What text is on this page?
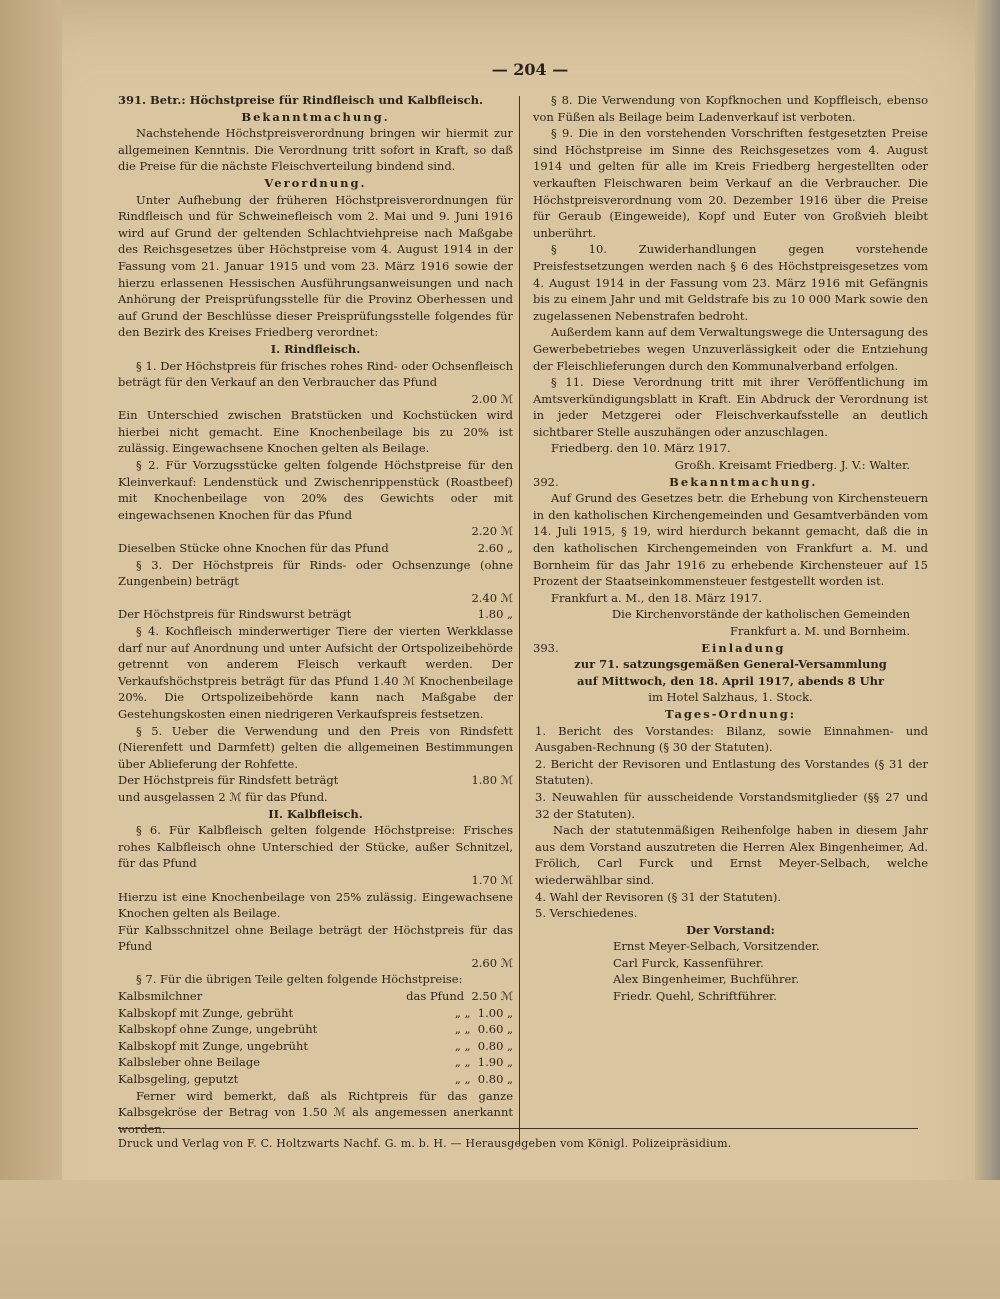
— 204 —

391. Betr.: Höchstpreise für Rindfleisch und Kalbfleisch.

Bekanntmachung.

Nachstehende Höchstpreisverordnung bringen wir hiermit zur allgemeinen Kenntnis. Die Verordnung tritt sofort in Kraft, so daß die Preise für die nächste Fleischverteilung bindend sind.

Verordnung.

Unter Aufhebung der früheren Höchstpreisverordnungen für Rindfleisch und für Schweinefleisch vom 2. Mai und 9. Juni 1916 wird auf Grund der geltenden Schlachtviehpreise nach Maßgabe des Reichsgesetzes über Höchstpreise vom 4. August 1914 in der Fassung vom 21. Januar 1915 und vom 23. März 1916 sowie der hierzu erlassenen Hessischen Ausführungsanweisungen und nach Anhörung der Preisprüfungsstelle für die Provinz Oberhessen und auf Grund der Beschlüsse dieser Preisprüfungsstelle folgendes für den Bezirk des Kreises Friedberg verordnet:

I. Rindfleisch.

§ 1. Der Höchstpreis für frisches rohes Rind- oder Ochsenfleisch beträgt für den Verkauf an den Verbraucher das Pfund

2.00 ℳ

Ein Unterschied zwischen Bratstücken und Kochstücken wird hierbei nicht gemacht. Eine Knochenbeilage bis zu 20% ist zulässig. Eingewachsene Knochen gelten als Beilage.

§ 2. Für Vorzugsstücke gelten folgende Höchstpreise für den Kleinverkauf: Lendenstück und Zwischenrippenstück (Roastbeef) mit Knochenbeilage von 20% des Gewichts oder mit eingewachsenen Knochen für das Pfund

2.20 ℳ

Dieselben Stücke ohne Knochen für das Pfund	2.60 „

§ 3. Der Höchstpreis für Rinds- oder Ochsenzunge (ohne Zungenbein) beträgt

2.40 ℳ

Der Höchstpreis für Rindswurst beträgt	1.80 „

§ 4. Kochfleisch minderwertiger Tiere der vierten Werkklasse darf nur auf Anordnung und unter Aufsicht der Ortspolizeibehörde getrennt von anderem Fleisch verkauft werden. Der Verkaufshöchstpreis beträgt für das Pfund 1.40 ℳ Knochenbeilage 20%. Die Ortspolizeibehörde kann nach Maßgabe der Gestehungskosten einen niedrigeren Verkaufspreis festsetzen.

§ 5. Ueber die Verwendung und den Preis von Rindsfett (Nierenfett und Darmfett) gelten die allgemeinen Bestimmungen über Ablieferung der Rohfette.

Der Höchstpreis für Rindsfett beträgt	1.80 ℳ

und ausgelassen 2 ℳ für das Pfund.

II. Kalbfleisch.

§ 6. Für Kalbfleisch gelten folgende Höchstpreise: Frisches rohes Kalbfleisch ohne Unterschied der Stücke, außer Schnitzel, für das Pfund

1.70 ℳ

Hierzu ist eine Knochenbeilage von 25% zulässig. Eingewachsene Knochen gelten als Beilage.

Für Kalbsschnitzel ohne Beilage beträgt der Höchstpreis für das Pfund

2.60 ℳ

§ 7. Für die übrigen Teile gelten folgende Höchstpreise:

Kalbsmilchner	das Pfund 2.50 ℳ
Kalbskopf mit Zunge, gebrüht	„ „ 1.00 „
Kalbskopf ohne Zunge, ungebrüht	„ „ 0.60 „
Kalbskopf mit Zunge, ungebrüht	„ „ 0.80 „
Kalbsleber ohne Beilage	„ „ 1.90 „
Kalbsgeling, geputzt	„ „ 0.80 „

Ferner wird bemerkt, daß als Richtpreis für das ganze Kalbsgekröse der Betrag von 1.50 ℳ als angemessen anerkannt worden.

§ 8. Die Verwendung von Kopfknochen und Kopffleisch, ebenso von Füßen als Beilage beim Ladenverkauf ist verboten.

§ 9. Die in den vorstehenden Vorschriften festgesetzten Preise sind Höchstpreise im Sinne des Reichsgesetzes vom 4. August 1914 und gelten für alle im Kreis Friedberg hergestellten oder verkauften Fleischwaren beim Verkauf an die Verbraucher. Die Höchstpreisverordnung vom 20. Dezember 1916 über die Preise für Geraub (Eingeweide), Kopf und Euter von Großvieh bleibt unberührt.

§ 10. Zuwiderhandlungen gegen vorstehende Preisfestsetzungen werden nach § 6 des Höchstpreisgesetzes vom 4. August 1914 in der Fassung vom 23. März 1916 mit Gefängnis bis zu einem Jahr und mit Geldstrafe bis zu 10 000 Mark sowie den zugelassenen Nebenstrafen bedroht.

Außerdem kann auf dem Verwaltungswege die Untersagung des Gewerbebetriebes wegen Unzuverlässigkeit oder die Entziehung der Fleischlieferungen durch den Kommunalverband erfolgen.

§ 11. Diese Verordnung tritt mit ihrer Veröffentlichung im Amtsverkündigungsblatt in Kraft. Ein Abdruck der Verordnung ist in jeder Metzgerei oder Fleischverkaufsstelle an deutlich sichtbarer Stelle auszuhängen oder anzuschlagen.

Friedberg. den 10. März 1917.

Großh. Kreisamt Friedberg. J. V.: Walter.

392.	Bekanntmachung.

Auf Grund des Gesetzes betr. die Erhebung von Kirchensteuern in den katholischen Kirchengemeinden und Gesamtverbänden vom 14. Juli 1915, § 19, wird hierdurch bekannt gemacht, daß die in den katholischen Kirchengemeinden von Frankfurt a. M. und Bornheim für das Jahr 1916 zu erhebende Kirchensteuer auf 15 Prozent der Staatseinkommensteuer festgestellt worden ist.

Frankfurt a. M., den 18. März 1917.

Die Kirchenvorstände der katholischen Gemeinden

Frankfurt a. M. und Bornheim.

393.	Einladung

zur 71. satzungsgemäßen General-Versammlung

auf Mittwoch, den 18. April 1917, abends 8 Uhr

im Hotel Salzhaus, 1. Stock.

Tages-Ordnung:

1. Bericht des Vorstandes: Bilanz, sowie Einnahmen- und Ausgaben-Rechnung (§ 30 der Statuten).

2. Bericht der Revisoren und Entlastung des Vorstandes (§ 31 der Statuten).

3. Neuwahlen für ausscheidende Vorstandsmitglieder (§§ 27 und 32 der Statuten).

Nach der statutenmäßigen Reihenfolge haben in diesem Jahr aus dem Vorstand auszutreten die Herren Alex Bingenheimer, Ad. Frölich, Carl Furck und Ernst Meyer-Selbach, welche wiederwählbar sind.

4. Wahl der Revisoren (§ 31 der Statuten).

5. Verschiedenes.

Der Vorstand:

Ernst Meyer-Selbach, Vorsitzender.

Carl Furck, Kassenführer.

Alex Bingenheimer, Buchführer.

Friedr. Quehl, Schriftführer.

Druck und Verlag von F. C. Holtzwarts Nachf. G. m. b. H. — Herausgegeben vom Königl. Polizeipräsidium.
